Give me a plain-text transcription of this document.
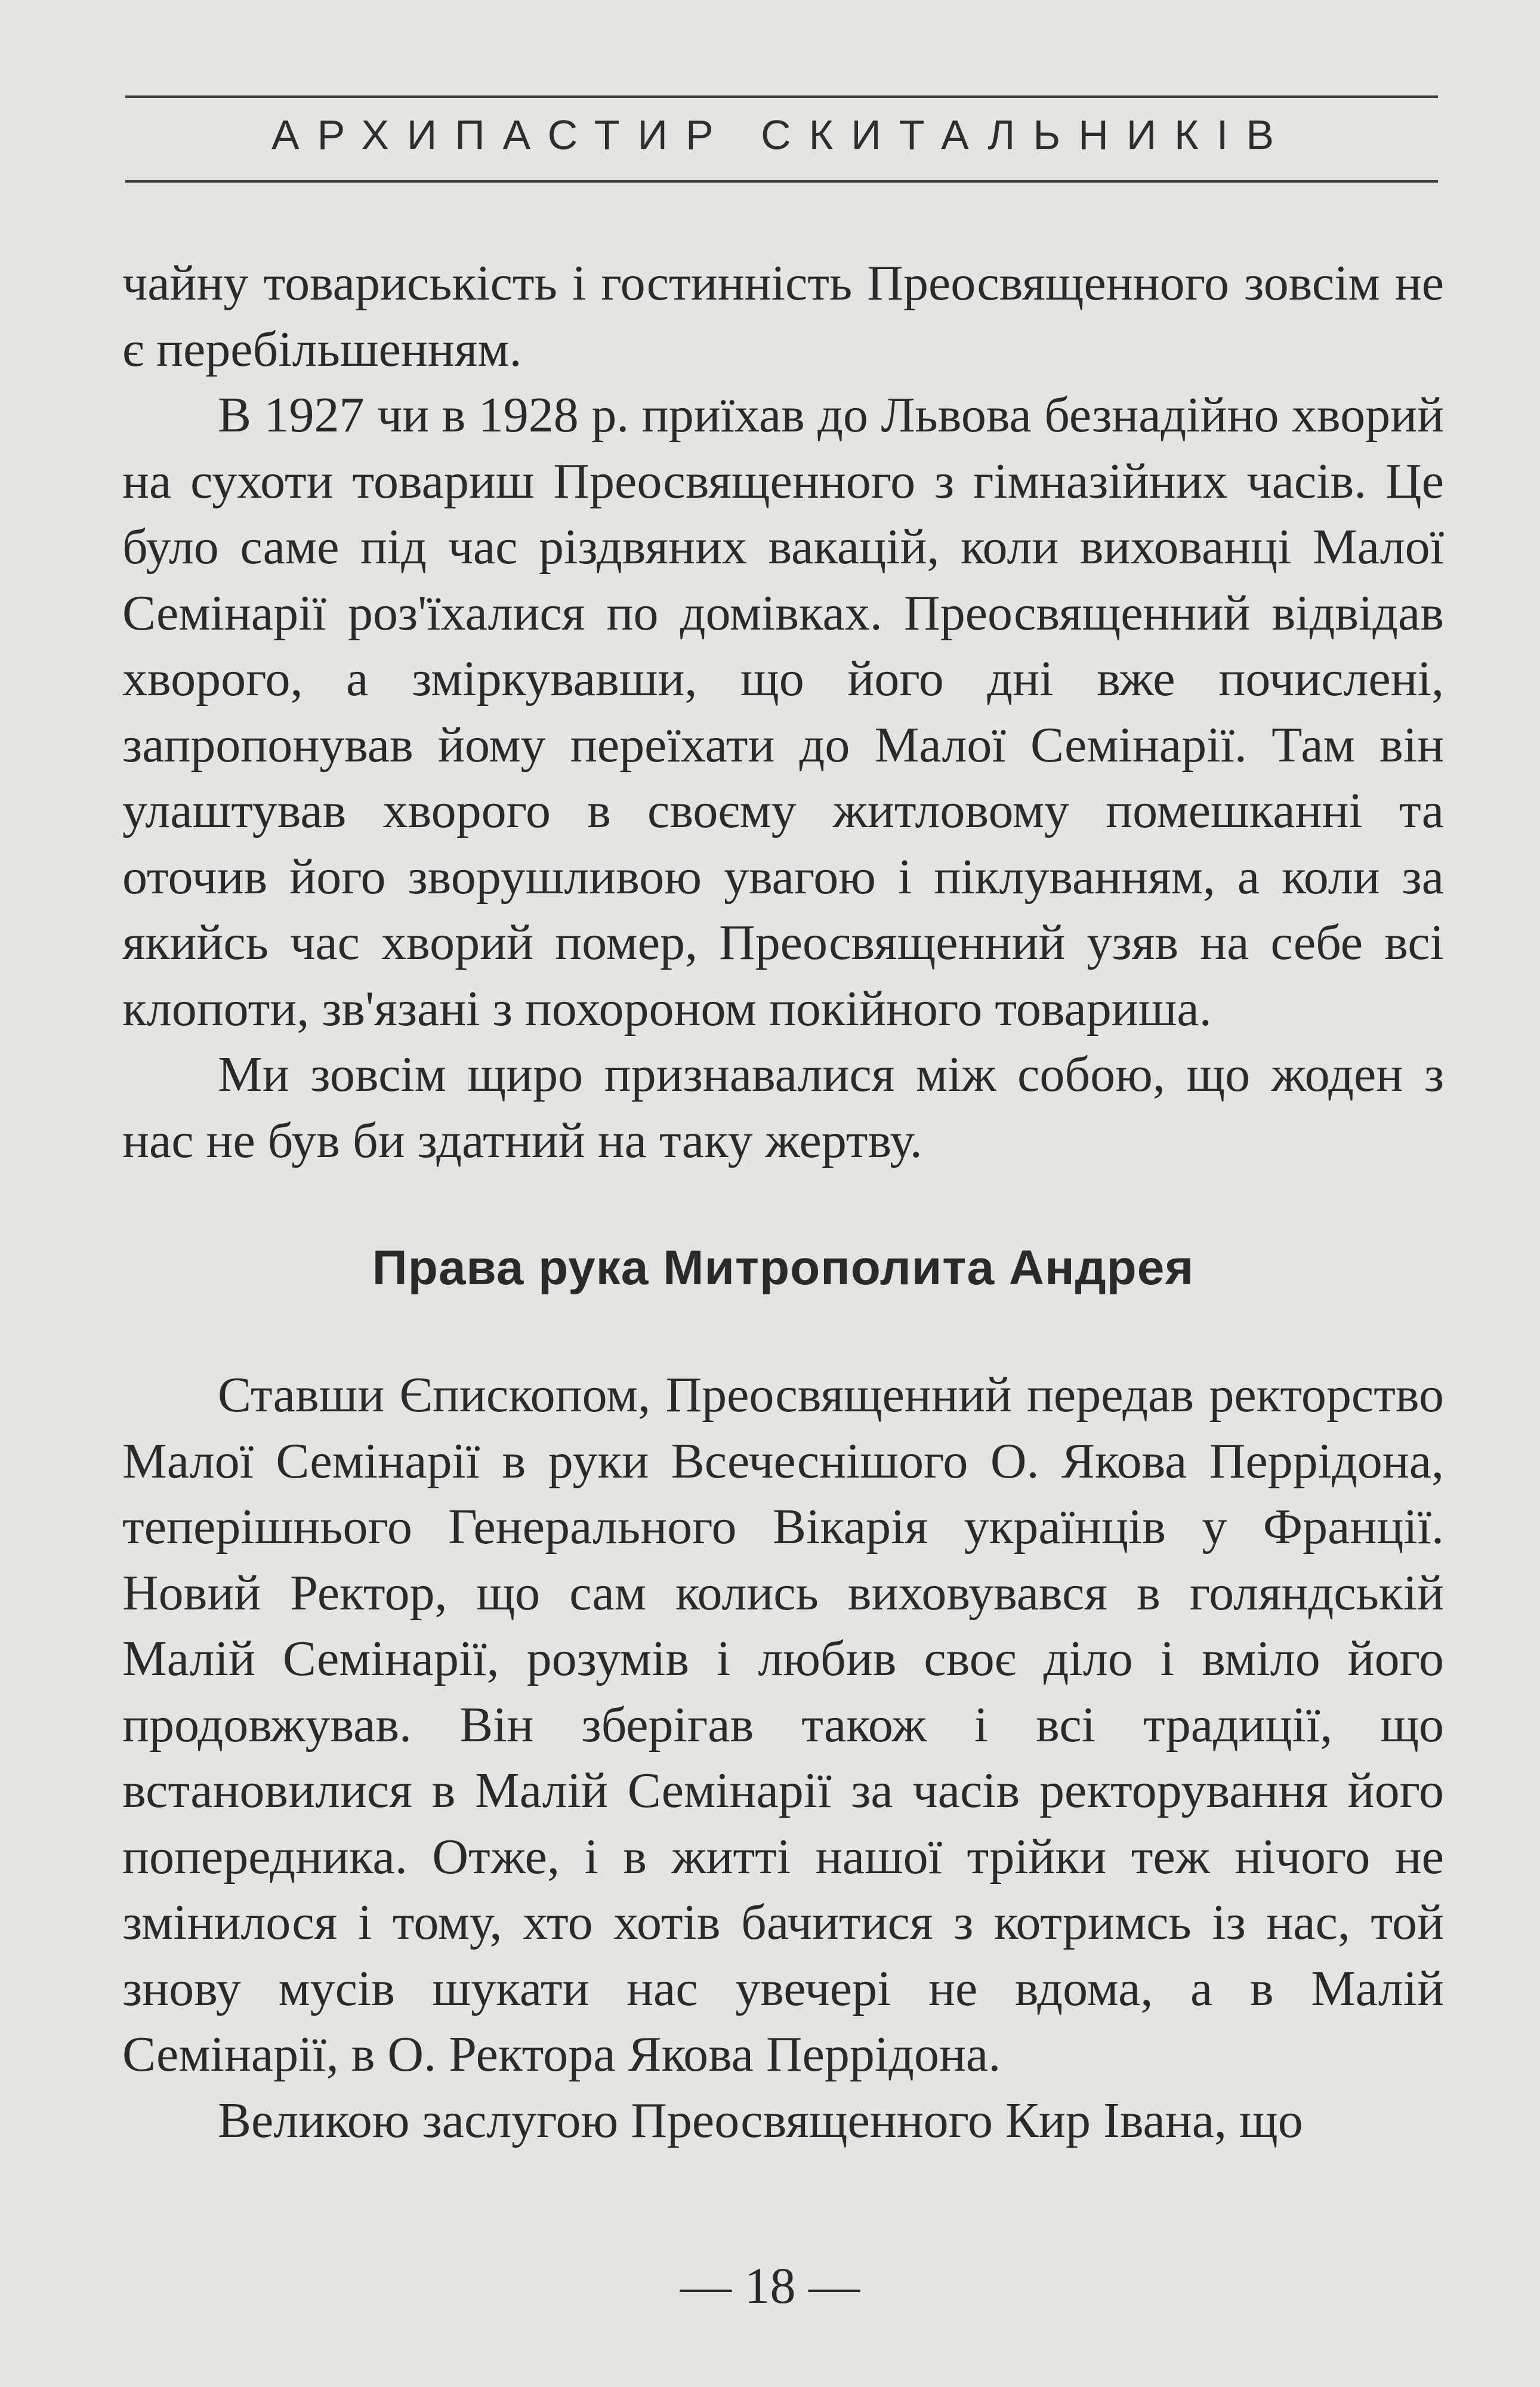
АРХИПАСТИР СКИТАЛЬНИКІВ

чайну товариськість і гостинність Преосвященного зовсім не є перебільшенням.

В 1927 чи в 1928 р. приїхав до Львова безнадійно хворий на сухоти товариш Преосвященного з гімназійних часів. Це було саме під час різдвяних вакацій, коли вихованці Малої Семінарії роз'їхалися по домівках. Преосвященний відвідав хворого, а зміркувавши, що його дні вже почислені, запропонував йому переїхати до Малої Семінарії. Там він улаштував хворого в своєму житловому помешканні та оточив його зворушливою увагою і піклуванням, а коли за якийсь час хворий помер, Преосвященний узяв на себе всі клопоти, зв'язані з похороном покійного товариша.

Ми зовсім щиро признавалися між собою, що жоден з нас не був би здатний на таку жертву.

Права рука Митрополита Андрея

Ставши Єпископом, Преосвященний передав ректорство Малої Семінарії в руки Всечеснішого О. Якова Перрідона, теперішнього Генерального Вікарія українців у Франції. Новий Ректор, що сам колись виховувався в голяндській Малій Семінарії, розумів і любив своє діло і вміло його продовжував. Він зберігав також і всі традиції, що встановилися в Малій Семінарії за часів ректорування його попередника. Отже, і в житті нашої трійки теж нічого не змінилося і тому, хто хотів бачитися з котримсь із нас, той знову мусів шукати нас увечері не вдома, а в Малій Семінарії, в О. Ректора Якова Перрідона.

Великою заслугою Преосвященного Кир Івана, що

— 18 —
